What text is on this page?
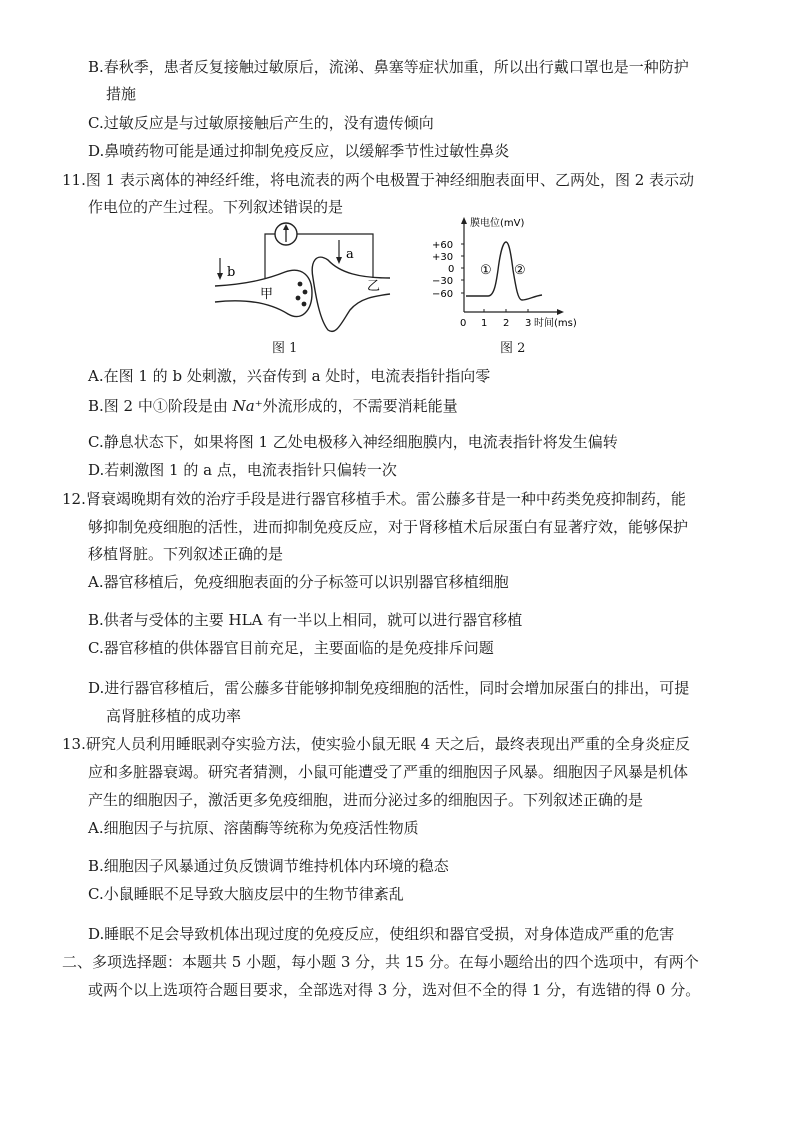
B.春秋季，患者反复接触过敏原后，流涕、鼻塞等症状加重，所以出行戴口罩也是一种防护
措施
C.过敏反应是与过敏原接触后产生的，没有遗传倾向
D.鼻喷药物可能是通过抑制免疫反应，以缓解季节性过敏性鼻炎
11.图 1 表示离体的神经纤维，将电流表的两个电极置于神经细胞表面甲、乙两处，图 2 表示动
作电位的产生过程。下列叙述错误的是
b
a
甲
乙
图 1
膜电位(mV)
+60
+30
0
−30
−60
0 1 2 3 时间(ms)
① ②
图 2
A.在图 1 的 b 处刺激，兴奋传到 a 处时，电流表指针指向零
B.图 2 中①阶段是由 Na⁺外流形成的，不需要消耗能量
C.静息状态下，如果将图 1 乙处电极移入神经细胞膜内，电流表指针将发生偏转
D.若刺激图 1 的 a 点，电流表指针只偏转一次
12.肾衰竭晚期有效的治疗手段是进行器官移植手术。雷公藤多苷是一种中药类免疫抑制药，能
够抑制免疫细胞的活性，进而抑制免疫反应，对于肾移植术后尿蛋白有显著疗效，能够保护
移植肾脏。下列叙述正确的是
A.器官移植后，免疫细胞表面的分子标签可以识别器官移植细胞
B.供者与受体的主要 HLA 有一半以上相同，就可以进行器官移植
C.器官移植的供体器官目前充足，主要面临的是免疫排斥问题
D.进行器官移植后，雷公藤多苷能够抑制免疫细胞的活性，同时会增加尿蛋白的排出，可提
高肾脏移植的成功率
13.研究人员利用睡眠剥夺实验方法，使实验小鼠无眠 4 天之后，最终表现出严重的全身炎症反
应和多脏器衰竭。研究者猜测，小鼠可能遭受了严重的细胞因子风暴。细胞因子风暴是机体
产生的细胞因子，激活更多免疫细胞，进而分泌过多的细胞因子。下列叙述正确的是
A.细胞因子与抗原、溶菌酶等统称为免疫活性物质
B.细胞因子风暴通过负反馈调节维持机体内环境的稳态
C.小鼠睡眠不足导致大脑皮层中的生物节律紊乱
D.睡眠不足会导致机体出现过度的免疫反应，使组织和器官受损，对身体造成严重的危害
二、多项选择题：本题共 5 小题，每小题 3 分，共 15 分。在每小题给出的四个选项中，有两个
或两个以上选项符合题目要求，全部选对得 3 分，选对但不全的得 1 分，有选错的得 0 分。
